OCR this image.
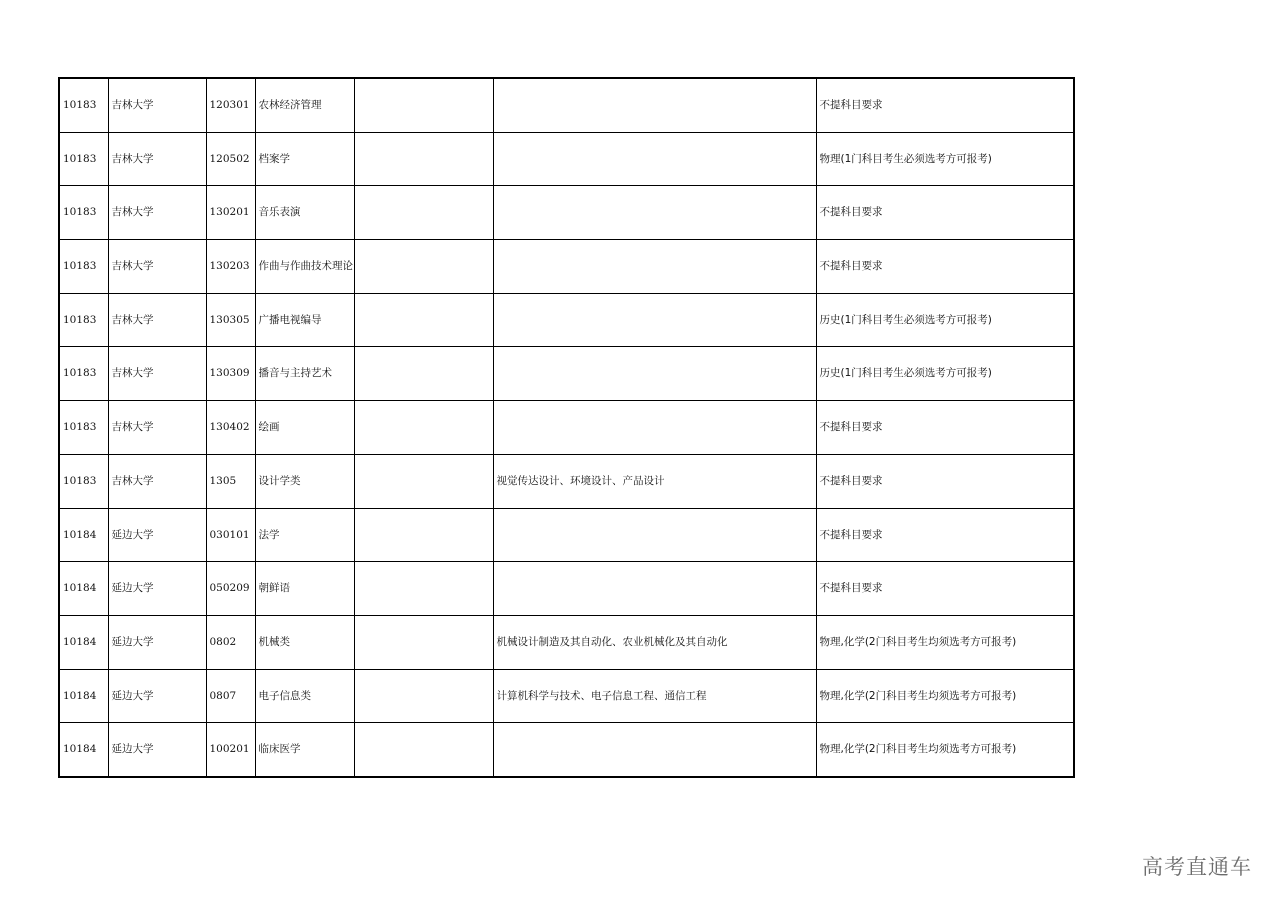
10183	吉林大学	120301	农林经济管理			不提科目要求
10183	吉林大学	120502	档案学			物理(1门科目考生必须选考方可报考)
10183	吉林大学	130201	音乐表演			不提科目要求
10183	吉林大学	130203	作曲与作曲技术理论			不提科目要求
10183	吉林大学	130305	广播电视编导			历史(1门科目考生必须选考方可报考)
10183	吉林大学	130309	播音与主持艺术			历史(1门科目考生必须选考方可报考)
10183	吉林大学	130402	绘画			不提科目要求
10183	吉林大学	1305	设计学类		视觉传达设计、环境设计、产品设计	不提科目要求
10184	延边大学	030101	法学			不提科目要求
10184	延边大学	050209	朝鲜语			不提科目要求
10184	延边大学	0802	机械类		机械设计制造及其自动化、农业机械化及其自动化	物理,化学(2门科目考生均须选考方可报考)
10184	延边大学	0807	电子信息类		计算机科学与技术、电子信息工程、通信工程	物理,化学(2门科目考生均须选考方可报考)
10184	延边大学	100201	临床医学			物理,化学(2门科目考生均须选考方可报考)
高考直通车
